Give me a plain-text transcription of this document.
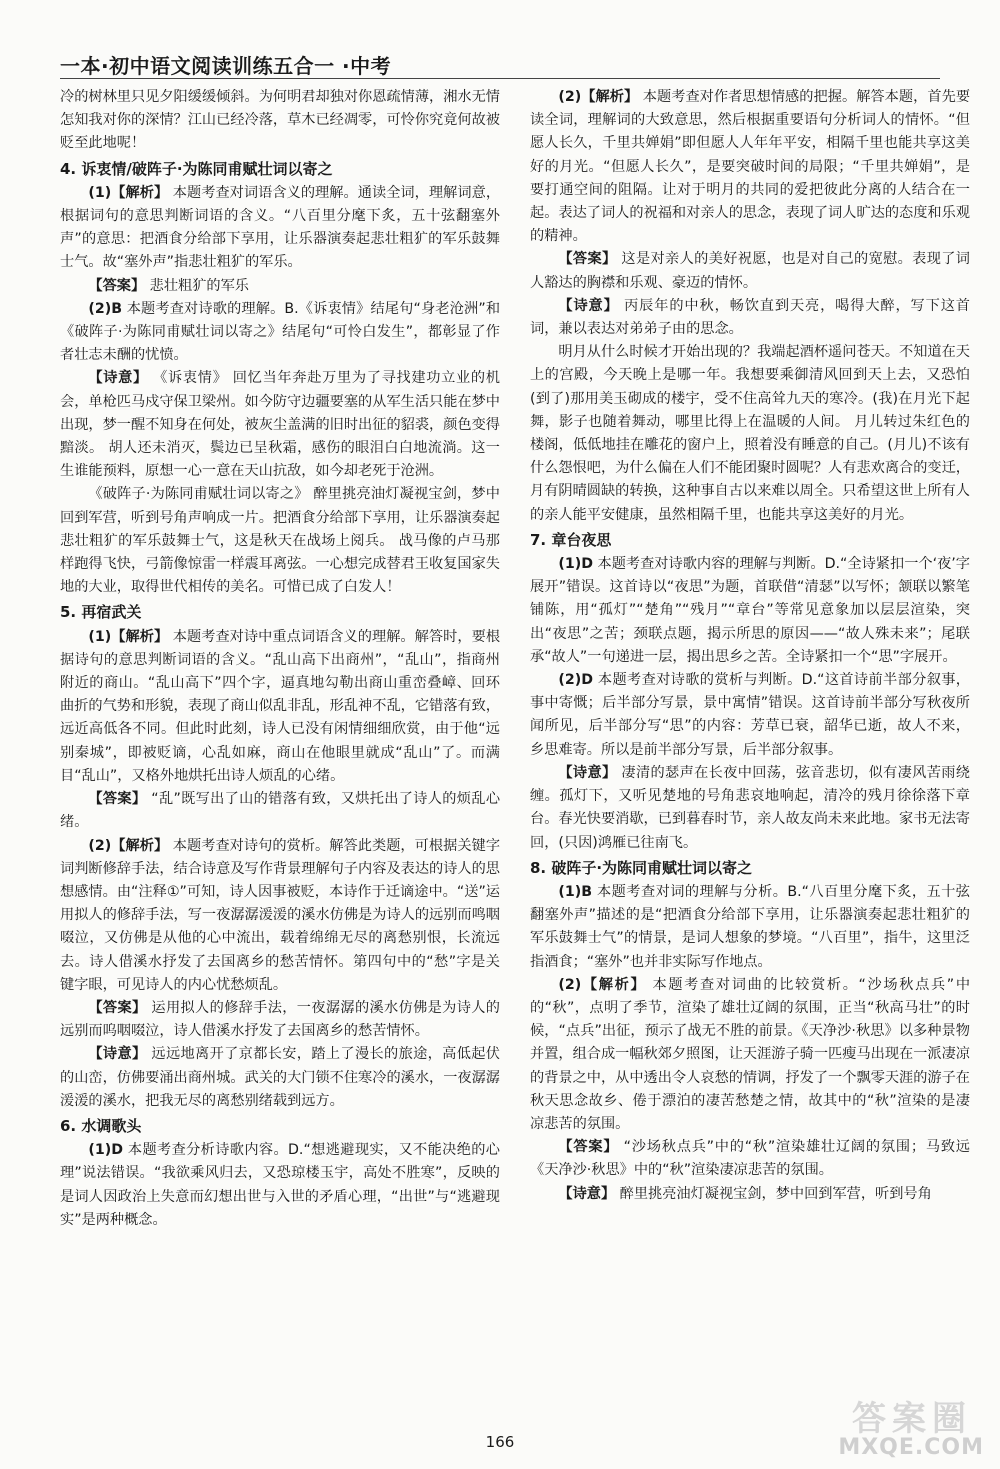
一本·初中语文阅读训练五合一 ·中考

冷的树林里只见夕阳缓缓倾斜。为何明君却独对你恩疏情薄，湘水无情怎知我对你的深情？江山已经冷落，草木已经凋零，可怜你究竟何故被贬至此地呢！

4. 诉衷情/破阵子·为陈同甫赋壮词以寄之

(1)【解析】 本题考查对词语含义的理解。通读全词，理解词意，根据词句的意思判断词语的含义。“八百里分麾下炙，五十弦翻塞外声”的意思：把酒食分给部下享用，让乐器演奏起悲壮粗犷的军乐鼓舞士气。故“塞外声”指悲壮粗犷的军乐。

【答案】 悲壮粗犷的军乐

(2)B 本题考查对诗歌的理解。B.《诉衷情》结尾句“身老沧洲”和《破阵子·为陈同甫赋壮词以寄之》结尾句“可怜白发生”，都彰显了作者壮志未酬的忧愤。

【诗意】 《诉衷情》 回忆当年奔赴万里为了寻找建功立业的机会，单枪匹马戍守保卫梁州。如今防守边疆要塞的从军生活只能在梦中出现，梦一醒不知身在何处，被灰尘盖满的旧时出征的貂裘，颜色变得黯淡。 胡人还未消灭，鬓边已呈秋霜，感伤的眼泪白白地流淌。这一生谁能预料，原想一心一意在天山抗敌，如今却老死于沧洲。

《破阵子·为陈同甫赋壮词以寄之》 醉里挑亮油灯凝视宝剑，梦中回到军营，听到号角声响成一片。把酒食分给部下享用，让乐器演奏起悲壮粗犷的军乐鼓舞士气，这是秋天在战场上阅兵。 战马像的卢马那样跑得飞快，弓箭像惊雷一样震耳离弦。一心想完成替君王收复国家失地的大业，取得世代相传的美名。可惜已成了白发人！

5. 再宿武关

(1)【解析】 本题考查对诗中重点词语含义的理解。解答时，要根据诗句的意思判断词语的含义。“乱山高下出商州”，“乱山”，指商州附近的商山。“乱山高下”四个字，逼真地勾勒出商山重峦叠嶂、回环曲折的气势和形貌，表现了商山似乱非乱，形乱神不乱，它错落有致，远近高低各不同。但此时此刻，诗人已没有闲情细细欣赏，由于他“远别秦城”，即被贬谪，心乱如麻，商山在他眼里就成“乱山”了。而满目“乱山”，又格外地烘托出诗人烦乱的心绪。

【答案】 “乱”既写出了山的错落有致，又烘托出了诗人的烦乱心绪。

(2)【解析】 本题考查对诗句的赏析。解答此类题，可根据关键字词判断修辞手法，结合诗意及写作背景理解句子内容及表达的诗人的思想感情。由“注释①”可知，诗人因事被贬，本诗作于迁谪途中。“送”运用拟人的修辞手法，写一夜潺潺湲湲的溪水仿佛是为诗人的远别而鸣咽啜泣，又仿佛是从他的心中流出，载着绵绵无尽的离愁别恨，长流远去。诗人借溪水抒发了去国离乡的愁苦情怀。第四句中的“愁”字是关键字眼，可见诗人的内心忧愁烦乱。

【答案】 运用拟人的修辞手法，一夜潺潺的溪水仿佛是为诗人的远别而呜咽啜泣，诗人借溪水抒发了去国离乡的愁苦情怀。

【诗意】 远远地离开了京都长安，踏上了漫长的旅途，高低起伏的山峦，仿佛要涌出商州城。武关的大门锁不住寒冷的溪水，一夜潺潺湲湲的溪水，把我无尽的离愁别绪载到远方。

6. 水调歌头

(1)D 本题考查分析诗歌内容。D.“想逃避现实，又不能决绝的心理”说法错误。“我欲乘风归去，又恐琼楼玉宇，高处不胜寒”，反映的是词人因政治上失意而幻想出世与入世的矛盾心理，“出世”与“逃避现实”是两种概念。

(2)【解析】 本题考查对作者思想情感的把握。解答本题，首先要读全词，理解词的大致意思，然后根据重要语句分析词人的情怀。“但愿人长久，千里共婵娟”即但愿人人年年平安，相隔千里也能共享这美好的月光。“但愿人长久”，是要突破时间的局限；“千里共婵娟”，是要打通空间的阻隔。让对于明月的共同的爱把彼此分离的人结合在一起。表达了词人的祝福和对亲人的思念，表现了词人旷达的态度和乐观的精神。

【答案】 这是对亲人的美好祝愿，也是对自己的宽慰。表现了词人豁达的胸襟和乐观、豪迈的情怀。

【诗意】 丙辰年的中秋，畅饮直到天亮，喝得大醉，写下这首词，兼以表达对弟弟子由的思念。

明月从什么时候才开始出现的？我端起酒杯遥问苍天。不知道在天上的宫殿，今天晚上是哪一年。我想要乘御清风回到天上去，又恐怕(到了)那用美玉砌成的楼宇，受不住高耸九天的寒冷。(我)在月光下起舞，影子也随着舞动，哪里比得上在温暖的人间。 月儿转过朱红色的楼阁，低低地挂在雕花的窗户上，照着没有睡意的自己。(月儿)不该有什么怨恨吧，为什么偏在人们不能团聚时圆呢？人有悲欢离合的变迁，月有阴晴圆缺的转换，这种事自古以来难以周全。只希望这世上所有人的亲人能平安健康，虽然相隔千里，也能共享这美好的月光。

7. 章台夜思

(1)D 本题考查对诗歌内容的理解与判断。D.“全诗紧扣一个‘夜’字展开”错误。这首诗以“夜思”为题，首联借“清瑟”以写怀；颔联以繁笔铺陈，用“孤灯”“楚角”“残月”“章台”等常见意象加以层层渲染，突出“夜思”之苦；颈联点题，揭示所思的原因——“故人殊未来”；尾联承“故人”一句递进一层，揭出思乡之苦。全诗紧扣一个“思”字展开。

(2)D 本题考查对诗歌的赏析与判断。D.“这首诗前半部分叙事，事中寄慨；后半部分写景，景中寓情”错误。这首诗前半部分写秋夜所闻所见，后半部分写“思”的内容：芳草已衰，韶华已逝，故人不来，乡思难寄。所以是前半部分写景，后半部分叙事。

【诗意】 凄清的瑟声在长夜中回荡，弦音悲切，似有凄风苦雨绕缠。孤灯下，又听见楚地的号角悲哀地响起，清冷的残月徐徐落下章台。春光快要消歇，已到暮春时节，亲人故友尚未来此地。家书无法寄回，(只因)鸿雁已往南飞。

8. 破阵子·为陈同甫赋壮词以寄之

(1)B 本题考查对词的理解与分析。B.“八百里分麾下炙，五十弦翻塞外声”描述的是“把酒食分给部下享用，让乐器演奏起悲壮粗犷的军乐鼓舞士气”的情景，是词人想象的梦境。“八百里”，指牛，这里泛指酒食；“塞外”也并非实际写作地点。

(2)【解析】 本题考查对词曲的比较赏析。“沙场秋点兵”中的“秋”，点明了季节，渲染了雄壮辽阔的氛围，正当“秋高马壮”的时候，“点兵”出征，预示了战无不胜的前景。《天净沙·秋思》以多种景物并置，组合成一幅秋郊夕照图，让天涯游子骑一匹瘦马出现在一派凄凉的背景之中，从中透出令人哀愁的情调，抒发了一个飘零天涯的游子在秋天思念故乡、倦于漂泊的凄苦愁楚之情，故其中的“秋”渲染的是凄凉悲苦的氛围。

【答案】 “沙场秋点兵”中的“秋”渲染雄壮辽阔的氛围；马致远《天净沙·秋思》中的“秋”渲染凄凉悲苦的氛围。

【诗意】 醉里挑亮油灯凝视宝剑，梦中回到军营，听到号角

166
答案圈
MXQE.COM
